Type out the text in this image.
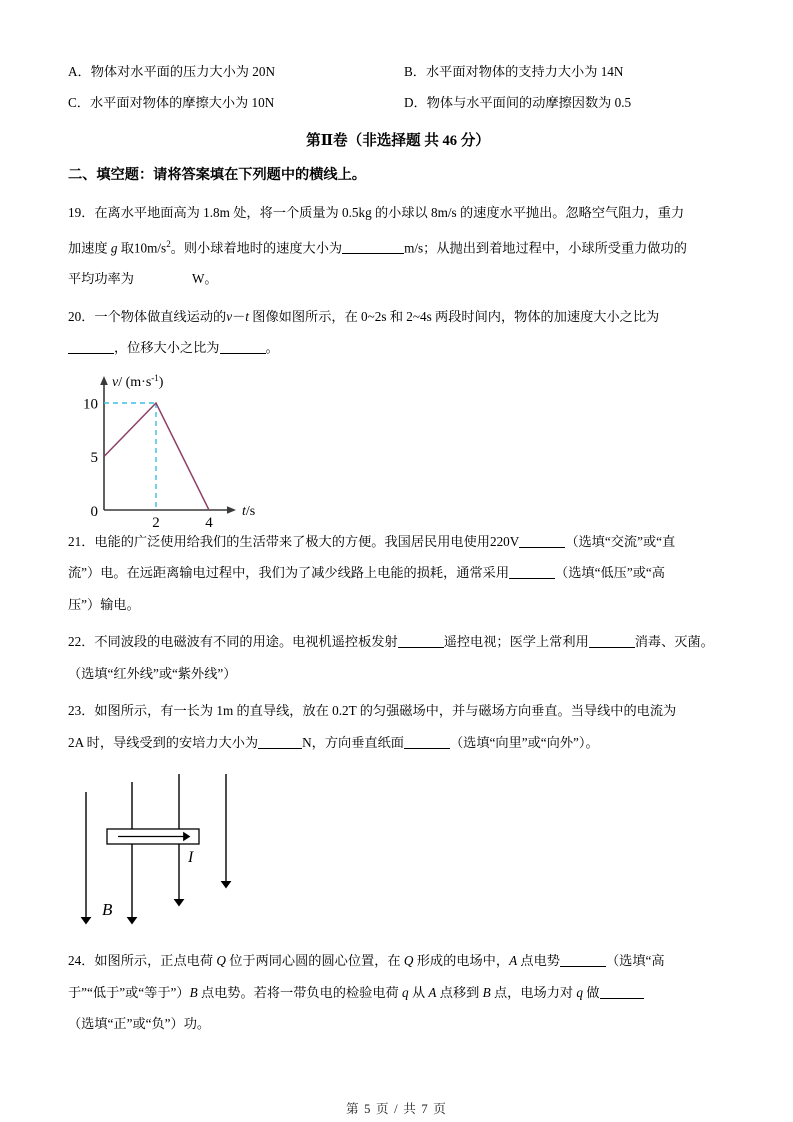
A．物体对水平面的压力大小为 20N	B．水平面对物体的支持力大小为 14N
C．水平面对物体的摩擦大小为 10N	D．物体与水平面间的动摩擦因数为 0.5
第Ⅱ卷（非选择题 共 46 分）
二、填空题：请将答案填在下列题中的横线上。

19．在离水平地面高为 1.8m 处，将一个质量为 0.5kg 的小球以 8m/s 的速度水平抛出。忽略空气阻力，重力

加速度 g 取$10m/s^2$。则小球着地时的速度大小为	m/s；从抛出到着地过程中，小球所受重力做功的

平均功率为	W。

20．一个物体做直线运动的v－t 图像如图所示，在 0~2s 和 2~4s 两段时间内，物体的加速度大小之比为

，位移大小之比为	。

10
5
0
2	4
v/ $(m\cdot s^{-1})$
t/s

21．电能的广泛使用给我们的生活带来了极大的方便。我国居民用电使用220V	（选填“交流”或“直

流”）电。在远距离输电过程中，我们为了减少线路上电能的损耗，通常采用	（选填“低压”或“高

压”）输电。

22．不同波段的电磁波有不同的用途。电视机遥控板发射	遥控电视；医学上常利用	消毒、灭菌。

（选填“红外线”或“紫外线”）

23．如图所示，有一长为 1m 的直导线，放在 0.2T 的匀强磁场中，并与磁场方向垂直。当导线中的电流为

2A 时，导线受到的安培力大小为	N，方向垂直纸面	（选填“向里”或“向外”）。

I
B

24．如图所示，正点电荷 Q 位于两同心圆的圆心位置，在 Q 形成的电场中，A 点电势	（选填“高

于”“低于”或“等于”）B 点电势。若将一带负电的检验电荷 q 从 A 点移到 B 点，电场力对 q 做

（选填“正”或“负”）功。

第 5 页 / 共 7 页
